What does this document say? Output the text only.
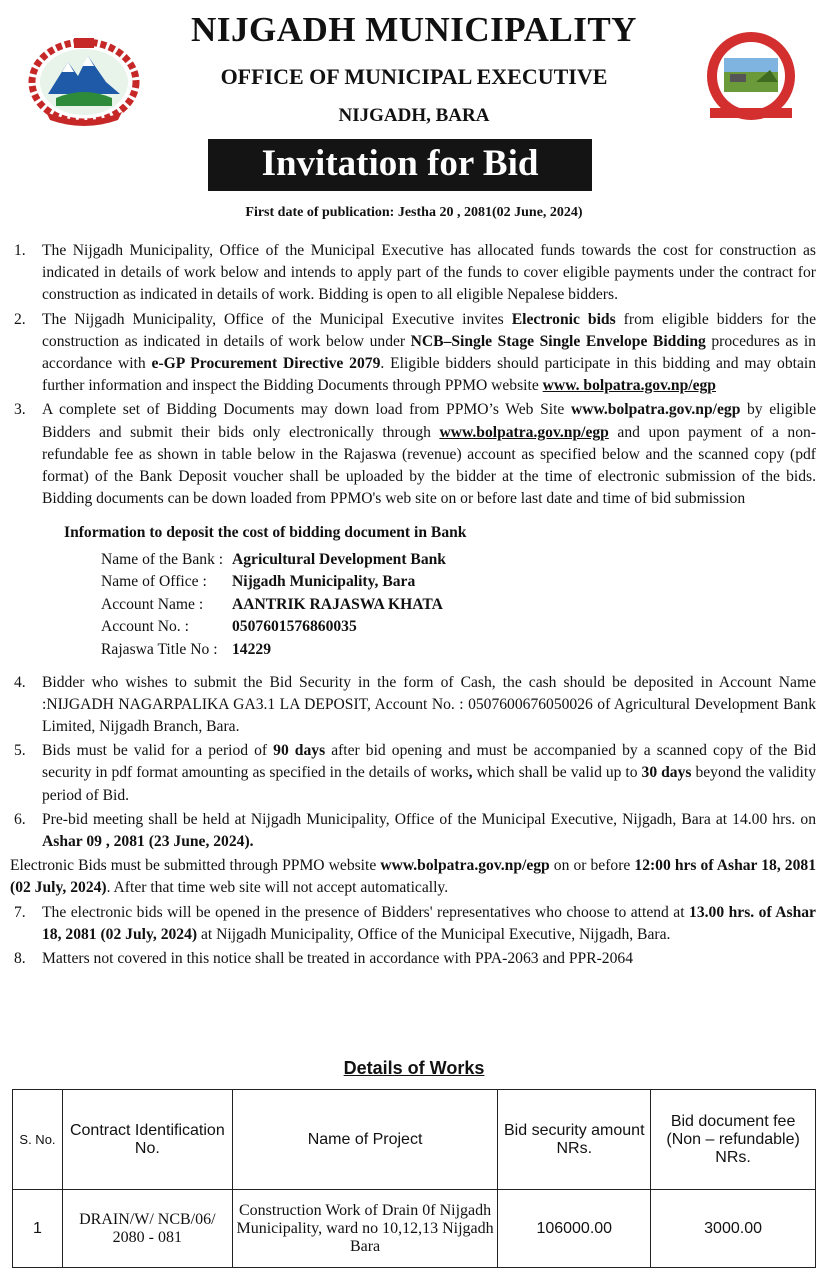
NIJGADH MUNICIPALITY
OFFICE OF MUNICIPAL EXECUTIVE
NIJGADH, BARA
Invitation for Bid
First date of publication: Jestha 20 , 2081(02 June, 2024)
1.	The Nijgadh Municipality, Office of the Municipal Executive has allocated funds towards the cost for construction as indicated in details of work below and intends to apply part of the funds to cover eligible payments under the contract for construction as indicated in details of work. Bidding is open to all eligible Nepalese bidders.
2.	The Nijgadh Municipality, Office of the Municipal Executive invites Electronic bids from eligible bidders for the construction as indicated in details of work below under NCB–Single Stage Single Envelope Bidding procedures as in accordance with e-GP Procurement Directive 2079. Eligible bidders should participate in this bidding and may obtain further information and inspect the Bidding Documents through PPMO website www. bolpatra.gov.np/egp
3.	A complete set of Bidding Documents may down load from PPMO’s Web Site www.bolpatra.gov.np/egp by eligible Bidders and submit their bids only electronically through www.bolpatra.gov.np/egp and upon payment of a non-refundable fee as shown in table below in the Rajaswa (revenue) account as specified below and the scanned copy (pdf format) of the Bank Deposit voucher shall be uploaded by the bidder at the time of electronic submission of the bids. Bidding documents can be down loaded from PPMO's web site on or before last date and time of bid submission
Information to deposit the cost of bidding document in Bank
Name of the Bank : Agricultural Development Bank
Name of Office :	Nijgadh Municipality, Bara
Account Name :	AANTRIK RAJASWA KHATA
Account No. :	0507601576860035
Rajaswa Title No : 14229
4.	Bidder who wishes to submit the Bid Security in the form of Cash, the cash should be deposited in Account Name :NIJGADH NAGARPALIKA GA3.1 LA DEPOSIT, Account No. : 0507600676050026 of Agricultural Development Bank Limited, Nijgadh Branch, Bara.
5.	Bids must be valid for a period of 90 days after bid opening and must be accompanied by a scanned copy of the Bid security in pdf format amounting as specified in the details of works, which shall be valid up to 30 days beyond the validity period of Bid.
6.	Pre-bid meeting shall be held at Nijgadh Municipality, Office of the Municipal Executive, Nijgadh, Bara at 14.00 hrs. on Ashar 09 , 2081 (23 June, 2024).
Electronic Bids must be submitted through PPMO website www.bolpatra.gov.np/egp on or before 12:00 hrs of Ashar 18, 2081 (02 July, 2024). After that time web site will not accept automatically.
7.	The electronic bids will be opened in the presence of Bidders' representatives who choose to attend at 13.00 hrs. of Ashar 18, 2081 (02 July, 2024) at Nijgadh Municipality, Office of the Municipal Executive, Nijgadh, Bara.
8.	Matters not covered in this notice shall be treated in accordance with PPA-2063 and PPR-2064
Details of Works
S. No.	Contract Identification No.	Name of Project	Bid security amount NRs.	Bid document fee (Non – refundable) NRs.
1	DRAIN/W/ NCB/06/ 2080 - 081	Construction Work of Drain 0f Nijgadh Municipality, ward no 10,12,13 Nijgadh Bara	106000.00	3000.00
